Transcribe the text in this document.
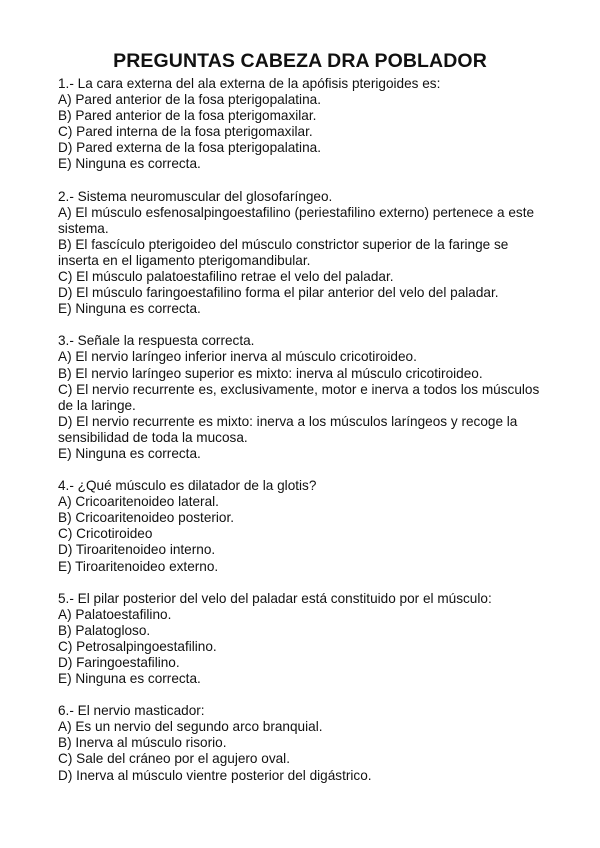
PREGUNTAS CABEZA DRA POBLADOR
1.- La cara externa del ala externa de la apófisis pterigoides es:
A) Pared anterior de la fosa pterigopalatina.
B) Pared anterior de la fosa pterigomaxilar.
C) Pared interna de la fosa pterigomaxilar.
D) Pared externa de la fosa pterigopalatina.
E) Ninguna es correcta.
2.- Sistema neuromuscular del glosofaríngeo.
A) El músculo esfenosalpingoestafilino (periestafilino externo) pertenece a este sistema.
B) El fascículo pterigoideo del músculo constrictor superior de la faringe se inserta en el ligamento pterigomandibular.
C) El músculo palatoestafilino retrae el velo del paladar.
D) El músculo faringoestafilino forma el pilar anterior del velo del paladar.
E) Ninguna es correcta.
3.- Señale la respuesta correcta.
A) El nervio laríngeo inferior inerva al músculo cricotiroideo.
B) El nervio laríngeo superior es mixto: inerva al músculo cricotiroideo.
C) El nervio recurrente es, exclusivamente, motor e inerva a todos los músculos de la laringe.
D) El nervio recurrente es mixto: inerva a los músculos laríngeos y recoge la sensibilidad de toda la mucosa.
E) Ninguna es correcta.
4.- ¿Qué músculo es dilatador de la glotis?
A) Cricoaritenoideo lateral.
B) Cricoaritenoideo posterior.
C) Cricotiroideo
D) Tiroaritenoideo interno.
E) Tiroaritenoideo externo.
5.- El pilar posterior del velo del paladar está constituido por el músculo:
A) Palatoestafilino.
B) Palatogloso.
C) Petrosalpingoestafilino.
D) Faringoestafilino.
E) Ninguna es correcta.
6.- El nervio masticador:
A) Es un nervio del segundo arco branquial.
B) Inerva al músculo risorio.
C) Sale del cráneo por el agujero oval.
D) Inerva al músculo vientre posterior del digástrico.
